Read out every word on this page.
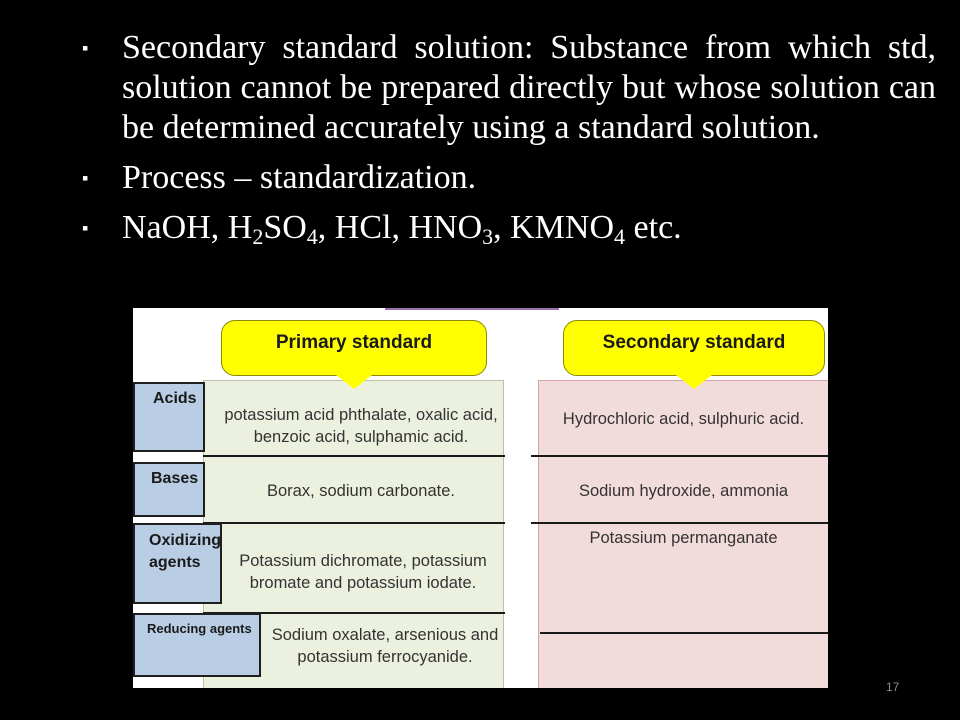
▪ Secondary standard solution: Substance from which std, solution cannot be prepared directly but whose solution can be determined accurately using a standard solution.
▪ Process – standardization.
▪ NaOH, $H_2SO_4$, HCl, $HNO_3$, $KMNO_4$ etc.
Primary standard	Secondary standard
Acids
Bases
Oxidizing agents
Reducing agents
potassium acid phthalate, oxalic acid, benzoic acid, sulphamic acid.
Borax, sodium carbonate.
Potassium dichromate, potassium bromate and potassium iodate.
Sodium oxalate, arsenious and potassium ferrocyanide.
Hydrochloric acid, sulphuric acid.
Sodium hydroxide, ammonia
Potassium permanganate
17
